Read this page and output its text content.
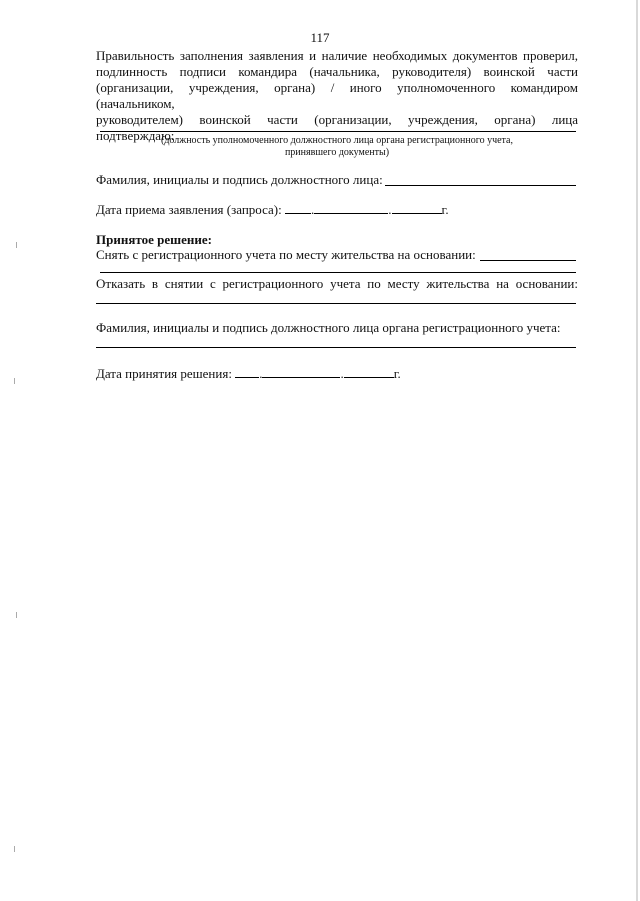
117
Правильность заполнения заявления и наличие необходимых документов проверил,
подлинность подписи командира (начальника, руководителя) воинской части
(организации, учреждения, органа) / иного уполномоченного командиром (начальником,
руководителем) воинской части (организации, учреждения, органа) лица подтверждаю:
(должность уполномоченного должностного лица органа регистрационного учета,
принявшего документы)
Фамилия, инициалы и подпись должностного лица:
Дата приема заявления (запроса): .	.	г.
Принятое решение:
Снять с регистрационного учета по месту жительства на основании:
Отказать в снятии с регистрационного учета по месту жительства на основании:
Фамилия, инициалы и подпись должностного лица органа регистрационного учета:
Дата принятия решения: .	.	г.
